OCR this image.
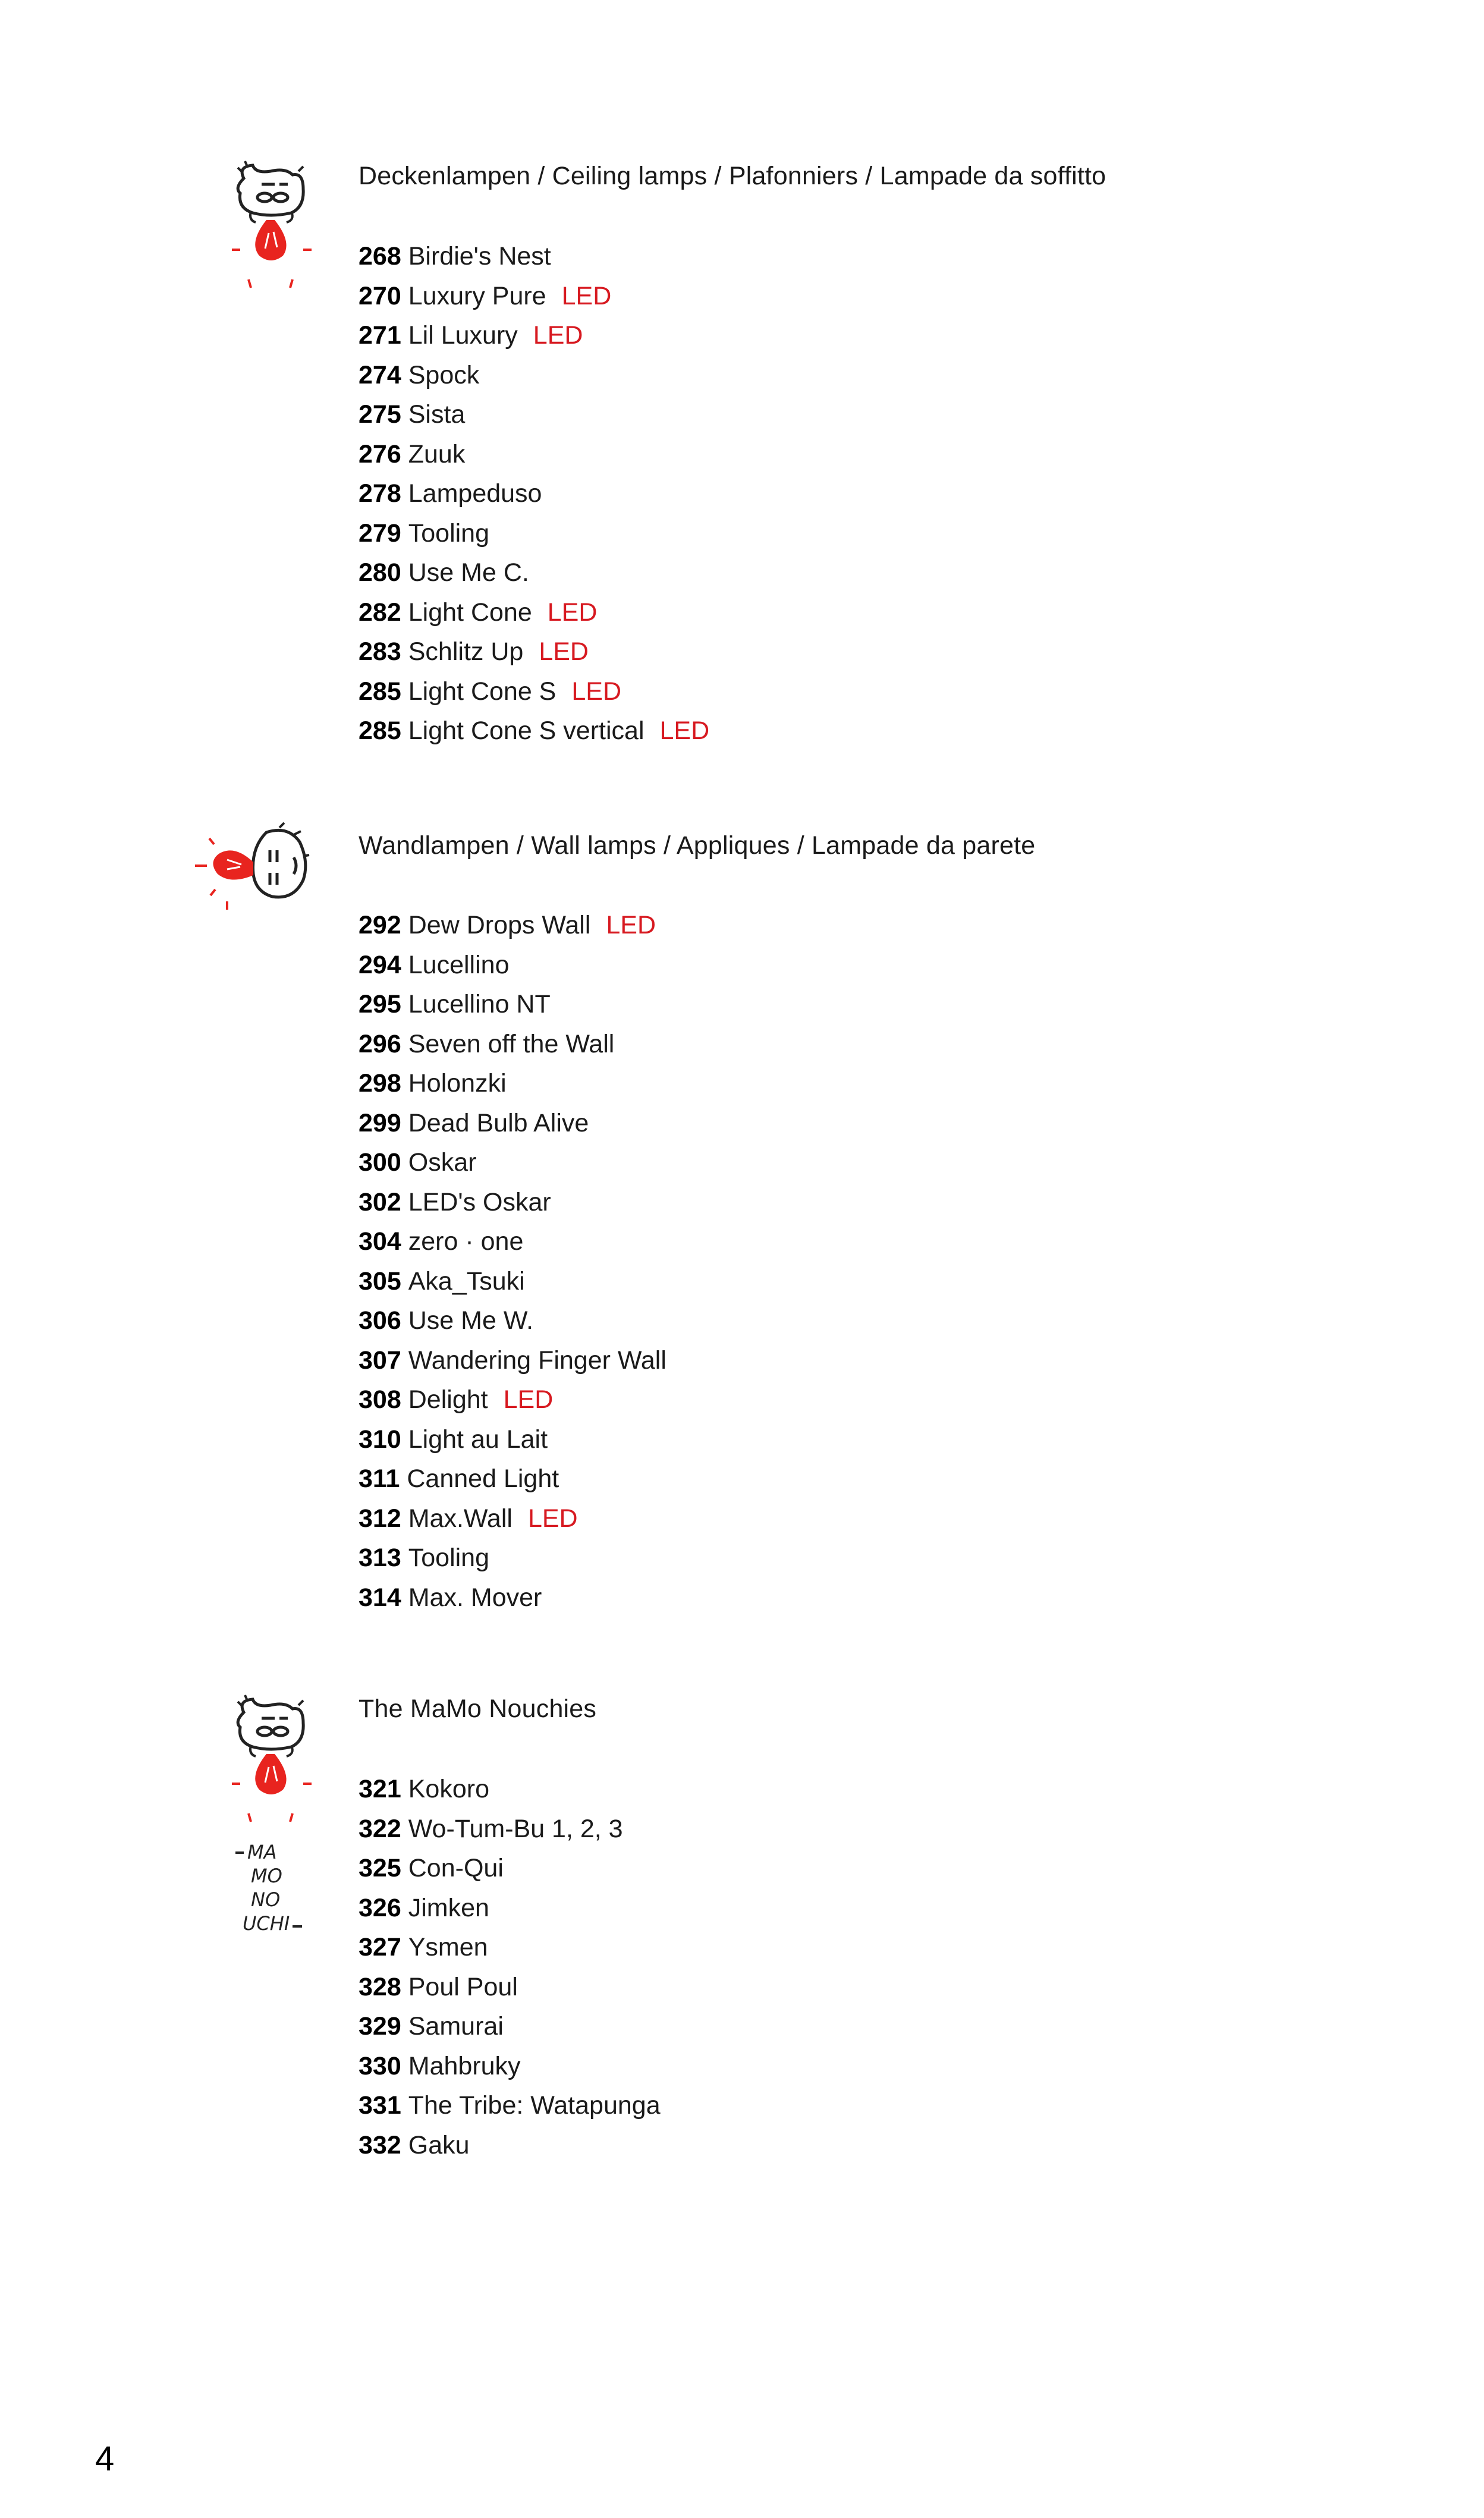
Deckenlampen / Ceiling lamps / Plafonniers / Lampade da soffitto
268 Birdie's Nest
270 Luxury Pure LED
271 Lil Luxury LED
274 Spock
275 Sista
276 Zuuk
278 Lampeduso
279 Tooling
280 Use Me C.
282 Light Cone LED
283 Schlitz Up LED
285 Light Cone S LED
285 Light Cone S vertical LED
Wandlampen / Wall lamps / Appliques / Lampade da parete
292 Dew Drops Wall LED
294 Lucellino
295 Lucellino NT
296 Seven off the Wall
298 Holonzki
299 Dead Bulb Alive
300 Oskar
302 LED's Oskar
304 zero · one
305 Aka_Tsuki
306 Use Me W.
307 Wandering Finger Wall
308 Delight LED
310 Light au Lait
311 Canned Light
312 Max.Wall LED
313 Tooling
314 Max. Mover
MA
MO
NO
UCHI
The MaMo Nouchies
321 Kokoro
322 Wo-Tum-Bu 1, 2, 3
325 Con-Qui
326 Jimken
327 Ysmen
328 Poul Poul
329 Samurai
330 Mahbruky
331 The Tribe: Watapunga
332 Gaku
4
